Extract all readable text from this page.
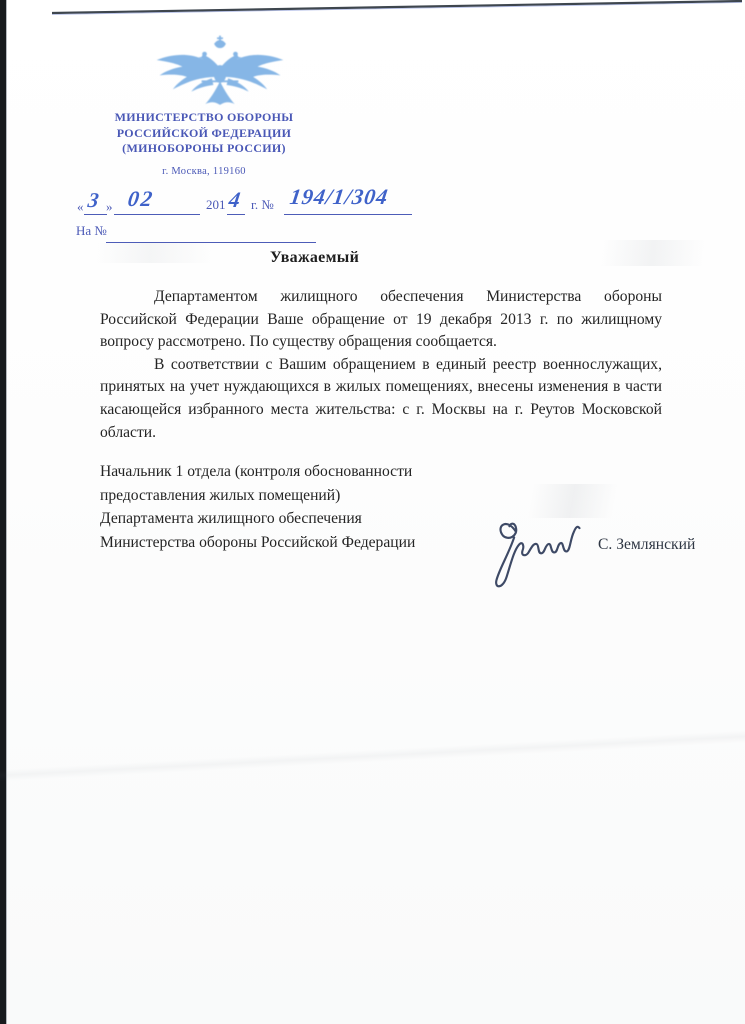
МИНИСТЕРСТВО ОБОРОНЫ
РОССИЙСКОЙ ФЕДЕРАЦИИ
(МИНОБОРОНЫ РОССИИ)
г. Москва, 119160
« 3 » 02	201 4 г. № 194/1/304
На №
Уважаемый

Департаментом жилищного обеспечения Министерства обороны Российской Федерации Ваше обращение от 19 декабря 2013 г. по жилищному вопросу рассмотрено. По существу обращения сообщается.

В соответствии с Вашим обращением в единый реестр военнослужащих, принятых на учет нуждающихся в жилых помещениях, внесены изменения в части касающейся избранного места жительства: с г. Москвы на г. Реутов Московской области.

Начальник 1 отдела (контроля обоснованности
предоставления жилых помещений)
Департамента жилищного обеспечения
Министерства обороны Российской Федерации	С. Землянский
